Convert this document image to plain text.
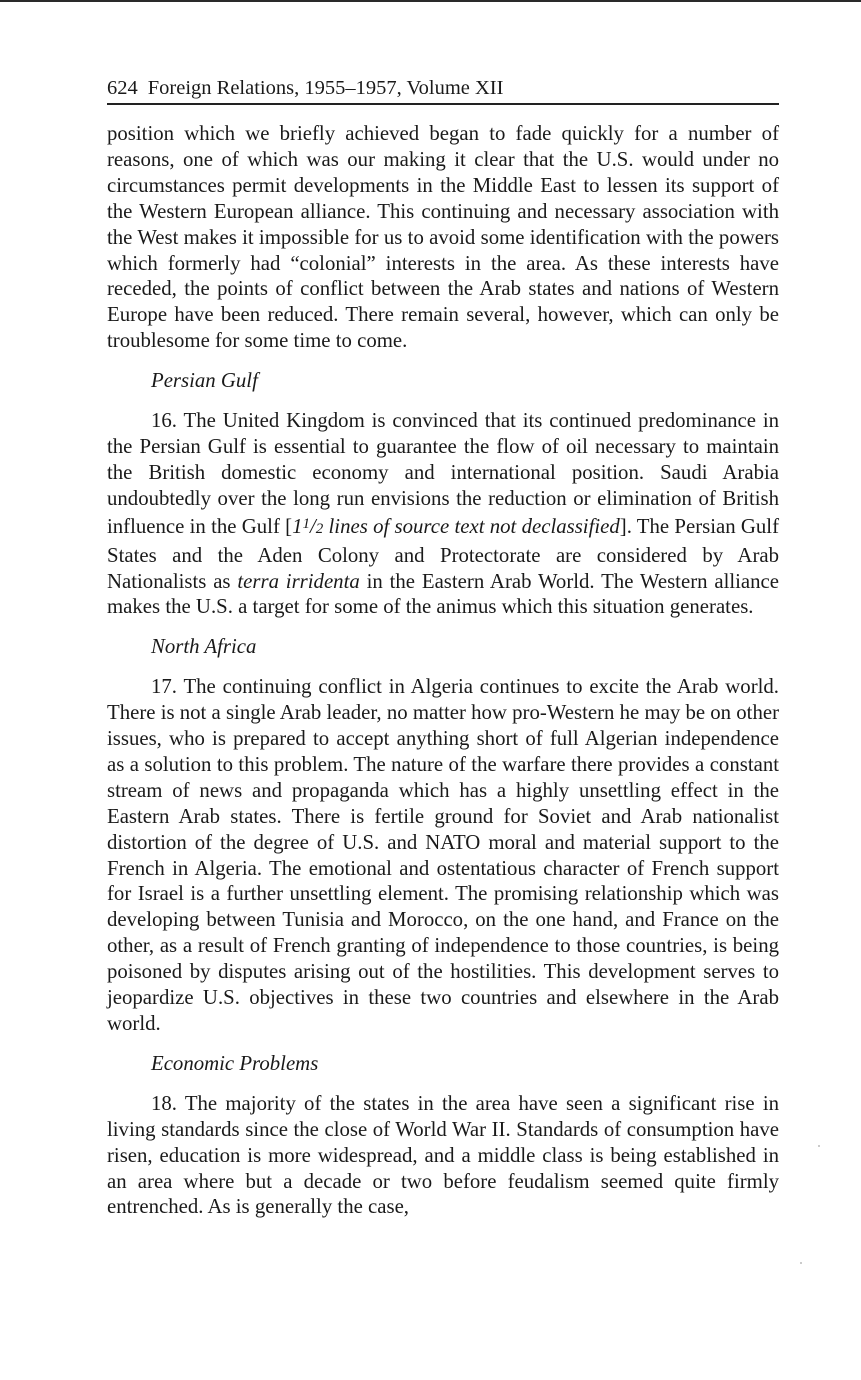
624 Foreign Relations, 1955–1957, Volume XII

position which we briefly achieved began to fade quickly for a number of reasons, one of which was our making it clear that the U.S. would under no circumstances permit developments in the Middle East to lessen its support of the Western European alliance. This continuing and necessary association with the West makes it impossible for us to avoid some identification with the powers which formerly had “colonial” interests in the area. As these interests have receded, the points of conflict between the Arab states and nations of Western Europe have been reduced. There remain several, however, which can only be troublesome for some time to come.

Persian Gulf

16. The United Kingdom is convinced that its continued predominance in the Persian Gulf is essential to guarantee the flow of oil necessary to maintain the British domestic economy and international position. Saudi Arabia undoubtedly over the long run envisions the reduction or elimination of British influence in the Gulf [$1^1/2$ lines of source text not declassified]. The Persian Gulf States and the Aden Colony and Protectorate are considered by Arab Nationalists as terra irridenta in the Eastern Arab World. The Western alliance makes the U.S. a target for some of the animus which this situation generates.

North Africa

17. The continuing conflict in Algeria continues to excite the Arab world. There is not a single Arab leader, no matter how pro-Western he may be on other issues, who is prepared to accept anything short of full Algerian independence as a solution to this problem. The nature of the warfare there provides a constant stream of news and propaganda which has a highly unsettling effect in the Eastern Arab states. There is fertile ground for Soviet and Arab nationalist distortion of the degree of U.S. and NATO moral and material support to the French in Algeria. The emotional and ostentatious character of French support for Israel is a further unsettling element. The promising relationship which was developing between Tunisia and Morocco, on the one hand, and France on the other, as a result of French granting of independence to those countries, is being poisoned by disputes arising out of the hostilities. This development serves to jeopardize U.S. objectives in these two countries and elsewhere in the Arab world.

Economic Problems

18. The majority of the states in the area have seen a significant rise in living standards since the close of World War II. Standards of consumption have risen, education is more widespread, and a middle class is being established in an area where but a decade or two before feudalism seemed quite firmly entrenched. As is generally the case,
